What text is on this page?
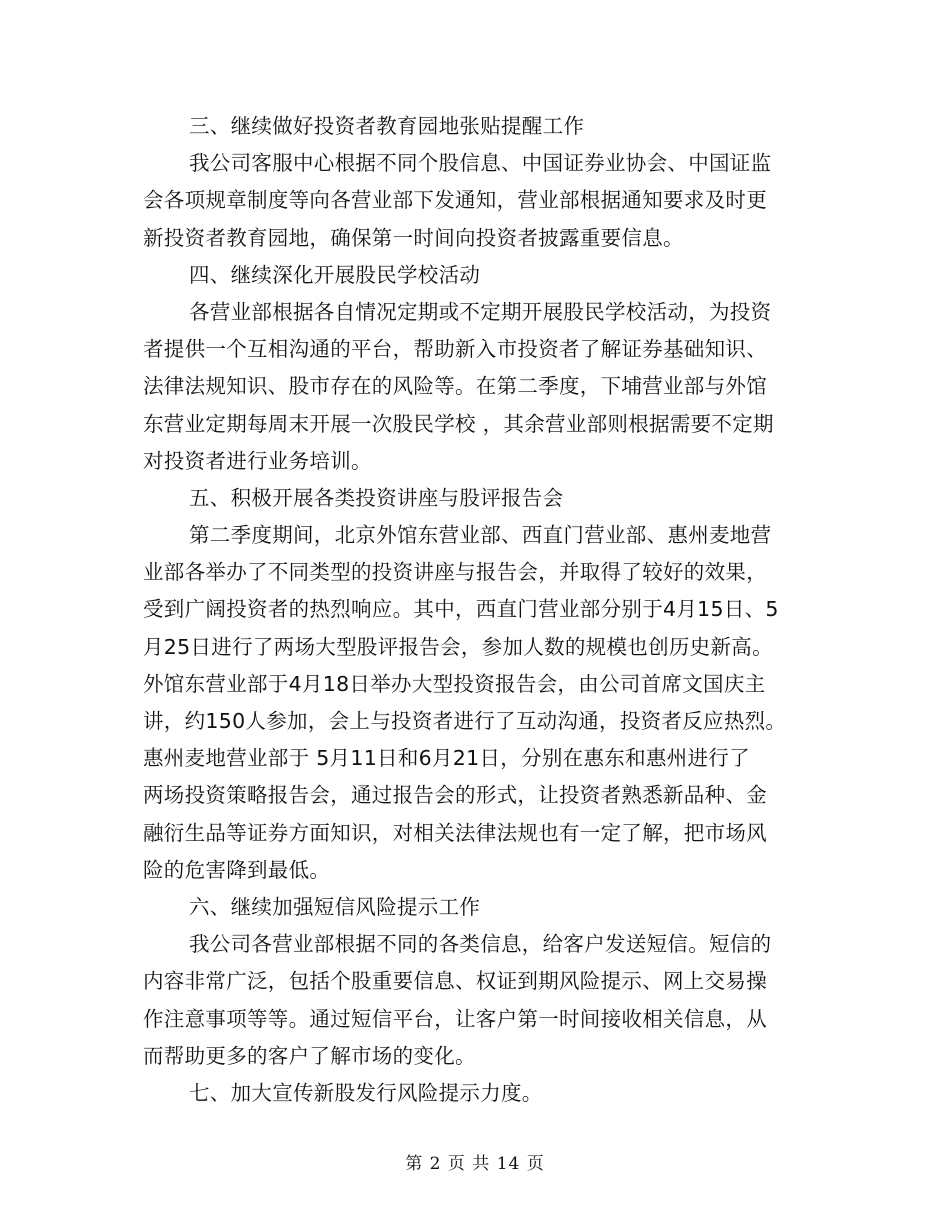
三、继续做好投资者教育园地张贴提醒工作
我公司客服中心根据不同个股信息、中国证券业协会、中国证监
会各项规章制度等向各营业部下发通知，营业部根据通知要求及时更
新投资者教育园地，确保第一时间向投资者披露重要信息。
四、继续深化开展股民学校活动
各营业部根据各自情况定期或不定期开展股民学校活动，为投资
者提供一个互相沟通的平台，帮助新入市投资者了解证券基础知识、
法律法规知识、股市存在的风险等。在第二季度，下埔营业部与外馆
东营业定期每周末开展一次股民学校 ，其余营业部则根据需要不定期
对投资者进行业务培训。
五、积极开展各类投资讲座与股评报告会
第二季度期间，北京外馆东营业部、西直门营业部、惠州麦地营
业部各举办了不同类型的投资讲座与报告会，并取得了较好的效果，
受到广阔投资者的热烈响应。其中，西直门营业部分别于4月15日、5
月25日进行了两场大型股评报告会，参加人数的规模也创历史新高。
外馆东营业部于4月18日举办大型投资报告会，由公司首席文国庆主
讲，约150人参加，会上与投资者进行了互动沟通，投资者反应热烈。
惠州麦地营业部于 5月11日和6月21日，分别在惠东和惠州进行了
两场投资策略报告会，通过报告会的形式，让投资者熟悉新品种、金
融衍生品等证券方面知识，对相关法律法规也有一定了解，把市场风
险的危害降到最低。
六、继续加强短信风险提示工作
我公司各营业部根据不同的各类信息，给客户发送短信。短信的
内容非常广泛，包括个股重要信息、权证到期风险提示、网上交易操
作注意事项等等。通过短信平台，让客户第一时间接收相关信息，从
而帮助更多的客户了解市场的变化。
七、加大宣传新股发行风险提示力度。
第 2 页 共 14 页
